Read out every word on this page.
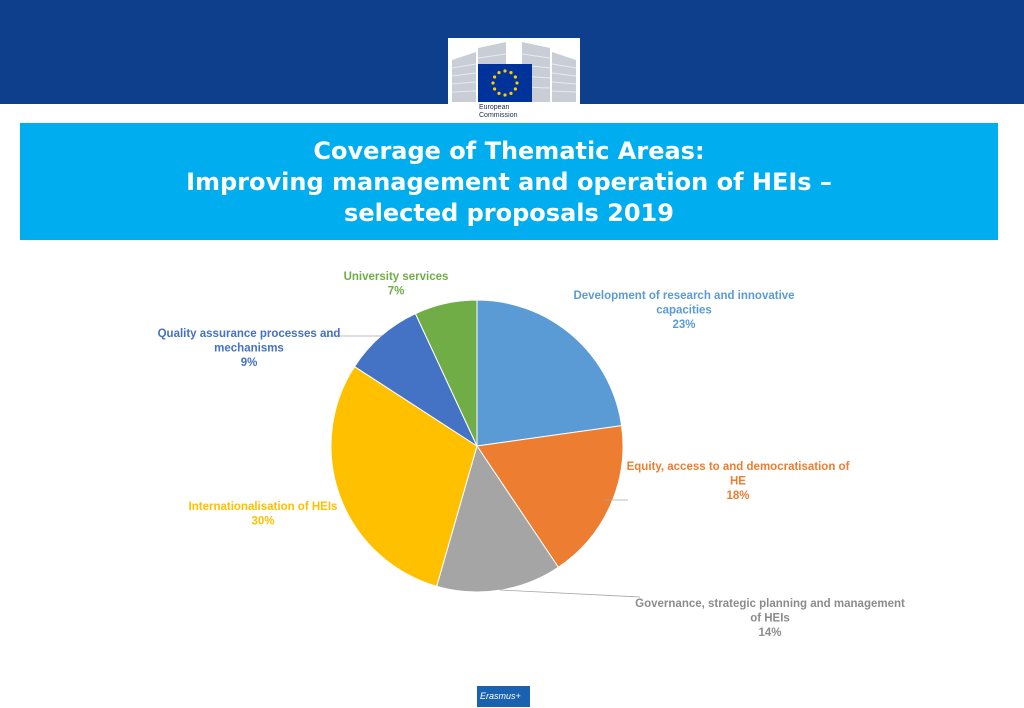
European
Commission
Coverage of Thematic Areas:
Improving management and operation of HEIs –
selected proposals 2019
Development of research and innovative capacities 23%
Equity, access to and democratisation of HE 18%
Governance, strategic planning and management of HEIs 14%
Internationalisation of HEIs 30%
Quality assurance processes and mechanisms 9%
University services 7%
Erasmus+
